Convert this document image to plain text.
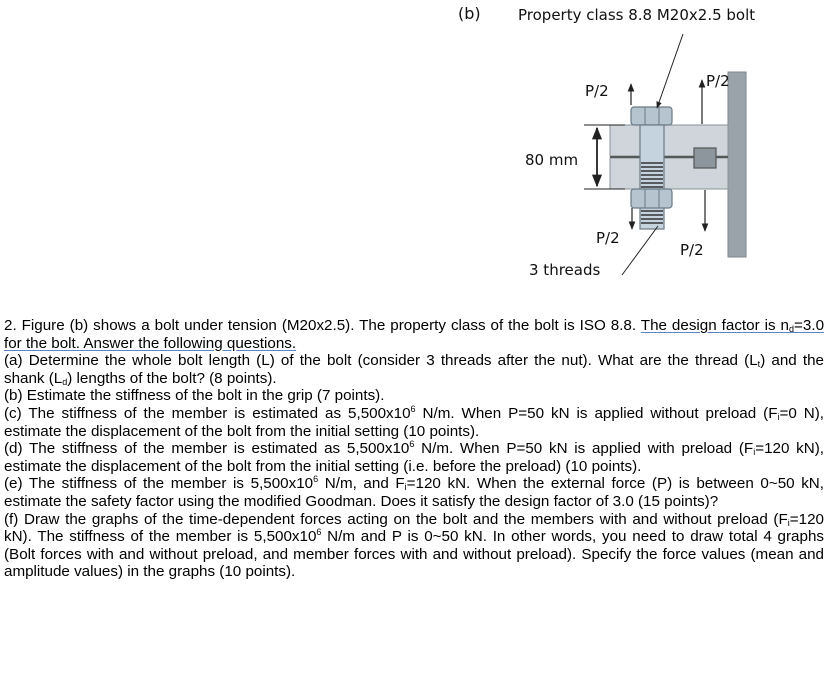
(b) Property class 8.8 M20x2.5 bolt
P/2
P/2
80 mm
P/2
P/2
3 threads

2. Figure (b) shows a bolt under tension (M20x2.5). The property class of the bolt is ISO 8.8. The design factor is $n_d=3.0$ for the bolt. Answer the following questions.

(a) Determine the whole bolt length (L) of the bolt (consider 3 threads after the nut). What are the thread $(L_t)$ and the shank $(L_d)$ lengths of the bolt? (8 points).

(b) Estimate the stiffness of the bolt in the grip (7 points).

(c) The stiffness of the member is estimated as $5,500x10^6$ N/m. When P=50 kN is applied without preload ($F_i=0$ N), estimate the displacement of the bolt from the initial setting (10 points).

(d) The stiffness of the member is estimated as $5,500x10^6$ N/m. When P=50 kN is applied with preload ($F_i=120$ kN), estimate the displacement of the bolt from the initial setting (i.e. before the preload) (10 points).

(e) The stiffness of the member is $5,500x10^6$ N/m, and $F_i=120$ kN. When the external force (P) is between 0~50 kN, estimate the safety factor using the modified Goodman. Does it satisfy the design factor of 3.0 (15 points)?

(f) Draw the graphs of the time-dependent forces acting on the bolt and the members with and without preload ($F_i=120$ kN). The stiffness of the member is $5,500x10^6$ N/m and P is 0~50 kN. In other words, you need to draw total 4 graphs (Bolt forces with and without preload, and member forces with and without preload). Specify the force values (mean and amplitude values) in the graphs (10 points).
